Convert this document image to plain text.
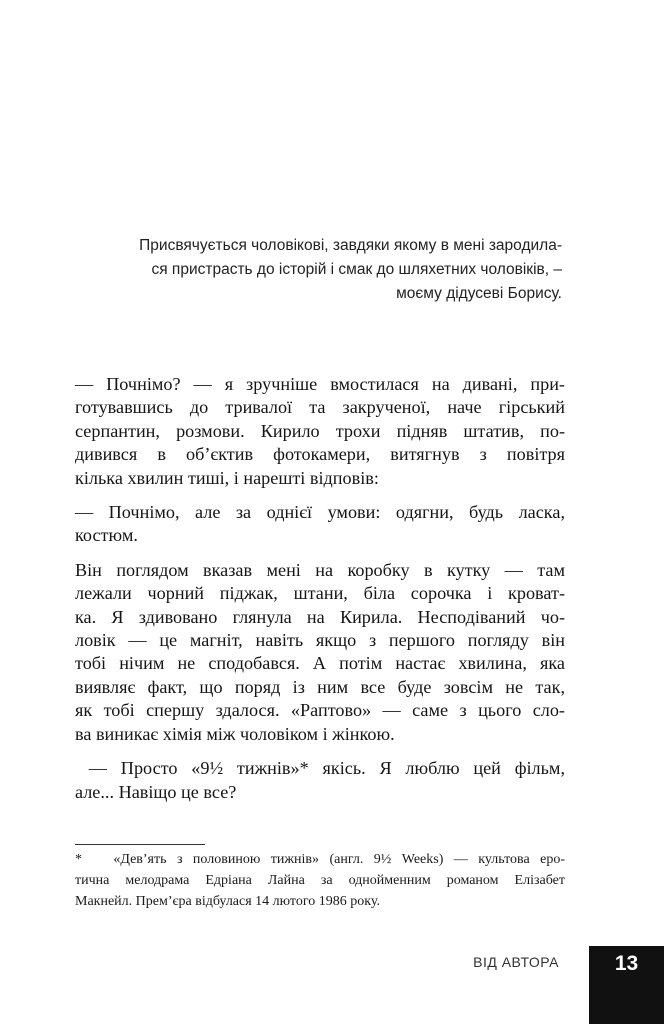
Присвячується чоловікові, завдяки якому в мені зародила-
ся пристрасть до історій і смак до шляхетних чоловіків, –
моєму дідусеві Борису.

— Почнімо? — я зручніше вмостилася на дивані, при-
готувавшись до тривалої та закрученої, наче гірський
серпантин, розмови. Кирило трохи підняв штатив, по-
дивився в об’єктив фотокамери, витягнув з повітря
кілька хвилин тиші, і нарешті відповів:

— Почнімо, але за однієї умови: одягни, будь ласка,
костюм.

Він поглядом вказав мені на коробку в кутку — там
лежали чорний піджак, штани, біла сорочка і кроват-
ка. Я здивовано глянула на Кирила. Несподіваний чо-
ловік — це магніт, навіть якщо з першого погляду він
тобі нічим не сподобався. А потім настає хвилина, яка
виявляє факт, що поряд із ним все буде зовсім не так,
як тобі спершу здалося. «Раптово» — саме з цього сло-
ва виникає хімія між чоловіком і жінкою.

— Просто «9½ тижнів»* якісь. Я люблю цей фільм,
але... Навіщо це все?

*   «Дев’ять з половиною тижнів» (англ. 9½ Weeks) — культова еро-
тична мелодрама Едріана Лайна за однойменним романом Елізабет
Макнейл. Прем’єра відбулася 14 лютого 1986 року.
ВІД АВТОРА	13
